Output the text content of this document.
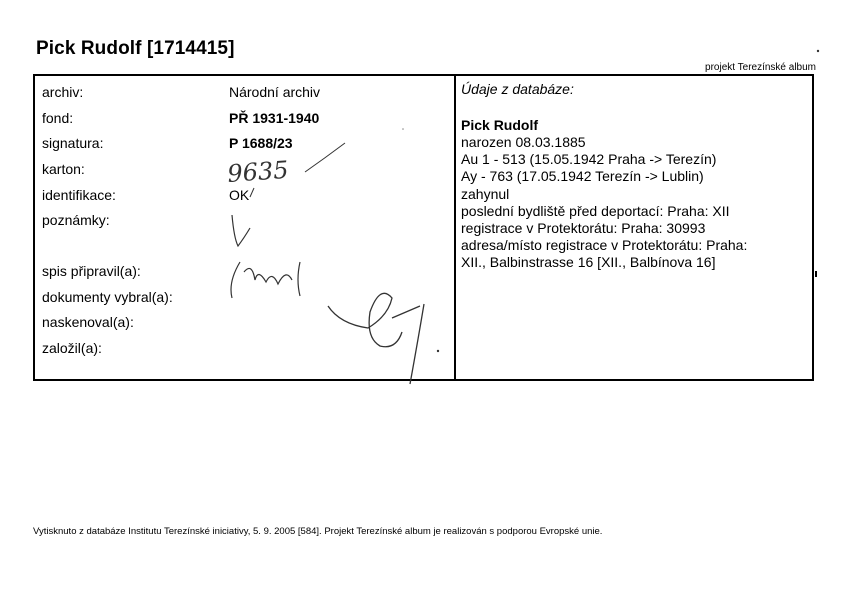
Pick Rudolf [1714415]
projekt Terezínské album
archiv:
fond:
signatura:
karton:
identifikace:
poznámky:
spis připravil(a):
dokumenty vybral(a):
naskenoval(a):
založil(a):
Národní archiv
PŘ 1931-1940
P 1688/23
OK
Údaje z databáze:
Pick Rudolf
narozen 08.03.1885
Au 1 - 513 (15.05.1942 Praha -> Terezín)
Ay - 763 (17.05.1942 Terezín -> Lublin)
zahynul
poslední bydliště před deportací: Praha: XII
registrace v Protektorátu: Praha: 30993
adresa/místo registrace v Protektorátu: Praha:
XII., Balbinstrasse 16 [XII., Balbínova 16]
9635
Vytisknuto z databáze Institutu Terezínské iniciativy, 5. 9. 2005 [584]. Projekt Terezínské album je realizován s podporou Evropské unie.
